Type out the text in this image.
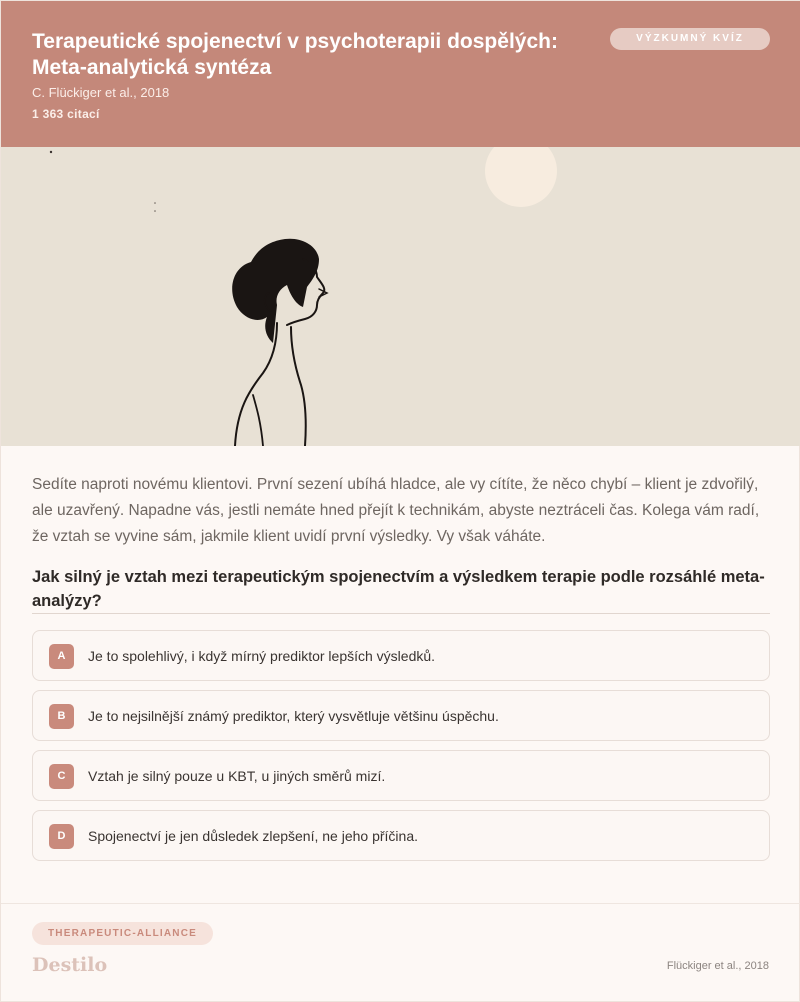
Terapeutické spojenectví v psychoterapii dospělých: Meta-analytická syntéza
C. Flückiger et al., 2018
1 363 citací
VÝZKUMNÝ KVÍZ
Sedíte naproti novému klientovi. První sezení ubíhá hladce, ale vy cítíte, že něco chybí – klient je zdvořilý, ale uzavřený. Napadne vás, jestli nemáte hned přejít k technikám, abyste neztráceli čas. Kolega vám radí, že vztah se vyvine sám, jakmile klient uvidí první výsledky. Vy však váháte.
Jak silný je vztah mezi terapeutickým spojenectvím a výsledkem terapie podle rozsáhlé meta-analýzy?
A	Je to spolehlivý, i když mírný prediktor lepších výsledků.
B	Je to nejsilnější známý prediktor, který vysvětluje většinu úspěchu.
C	Vztah je silný pouze u KBT, u jiných směrů mizí.
D	Spojenectví je jen důsledek zlepšení, ne jeho příčina.
THERAPEUTIC-ALLIANCE
Destilo	Flückiger et al., 2018
